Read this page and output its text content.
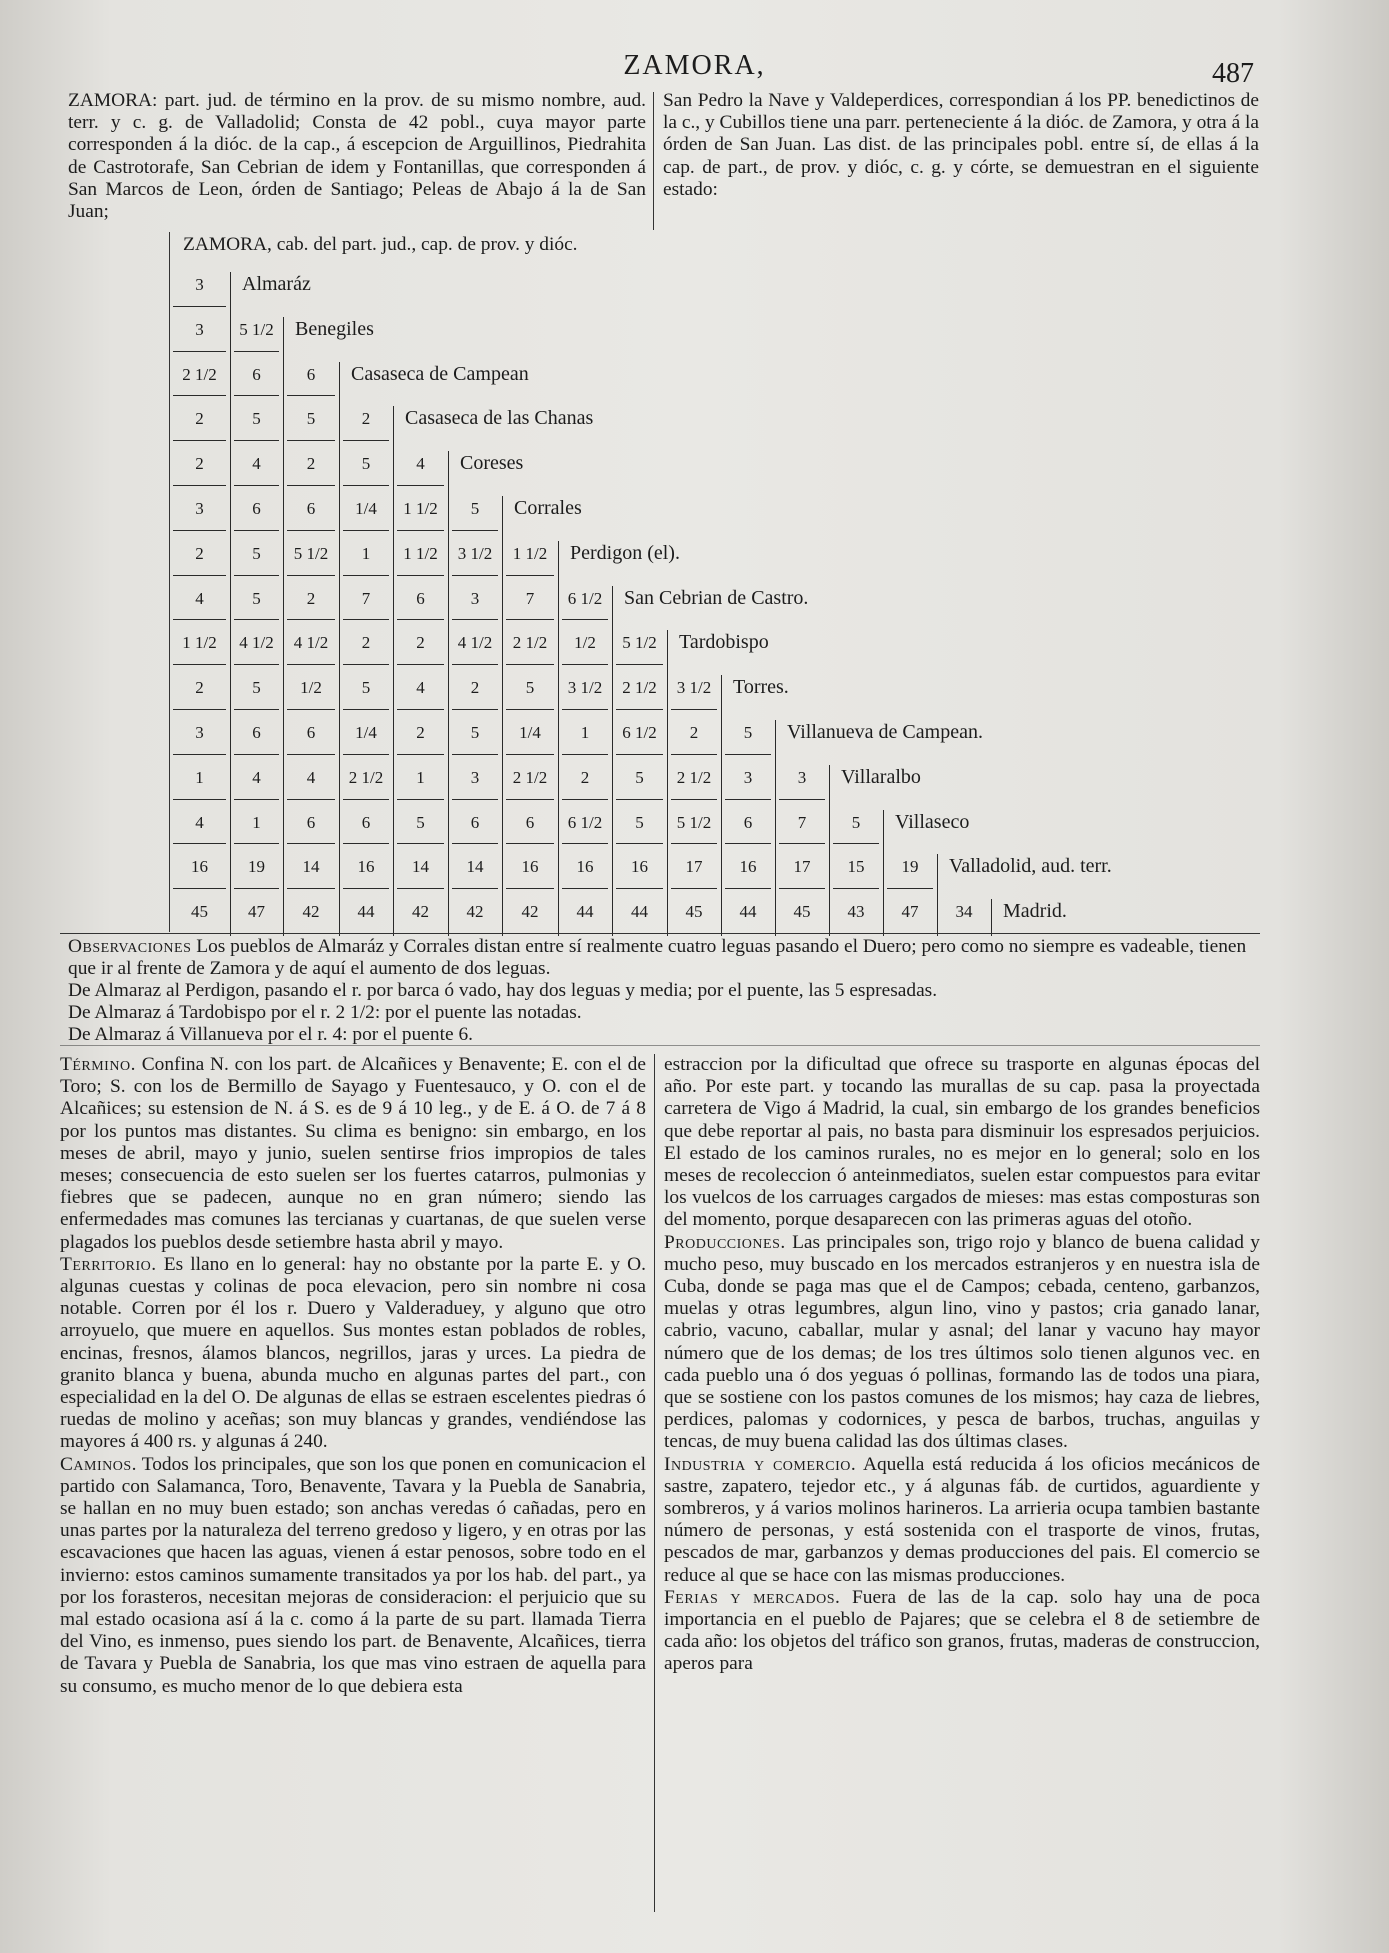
ZAMORA,	487

ZAMORA: part. jud. de término en la prov. de su mismo nombre, aud. terr. y c. g. de Valladolid; Consta de 42 pobl., cuya mayor parte corresponden á la dióc. de la cap., á escepcion de Arguillinos, Piedrahita de Castrotorafe, San Cebrian de idem y Fontanillas, que corresponden á San Marcos de Leon, órden de Santiago; Peleas de Abajo á la de San Juan;

San Pedro la Nave y Valdeperdices, correspondian á los PP. benedictinos de la c., y Cubillos tiene una parr. perteneciente á la dióc. de Zamora, y otra á la órden de San Juan. Las dist. de las principales pobl. entre sí, de ellas á la cap. de part., de prov. y dióc, c. g. y córte, se demuestran en el siguiente estado:

ZAMORA, cab. del part. jud., cap. de prov. y dióc.
3	Almaráz
3	5 1/2	Benegiles
2 1/2	6	6	Casaseca de Campean
2	5	5	2	Casaseca de las Chanas
2	4	2	5	4	Coreses
3	6	6	1/4	1 1/2	5	Corrales
2	5	5 1/2	1	1 1/2	3 1/2	1 1/2	Perdigon (el).
4	5	2	7	6	3	7	6 1/2	San Cebrian de Castro.
1 1/2	4 1/2	4 1/2	2	2	4 1/2	2 1/2	1/2	5 1/2	Tardobispo
2	5	1/2	5	4	2	5	3 1/2	2 1/2	3 1/2	Torres.
3	6	6	1/4	2	5	1/4	1	6 1/2	2	5	Villanueva de Campean.
1	4	4	2 1/2	1	3	2 1/2	2	5	2 1/2	3	3	Villaralbo
4	1	6	6	5	6	6	6 1/2	5	5 1/2	6	7	5	Villaseco
16	19	14	16	14	14	16	16	16	17	16	17	15	19	Valladolid, aud. terr.
45	47	42	44	42	42	42	44	44	45	44	45	43	47	34	Madrid.

Observaciones Los pueblos de Almaráz y Corrales distan entre sí realmente cuatro leguas pasando el Duero; pero como no siempre es vadeable, tienen que ir al frente de Zamora y de aquí el aumento de dos leguas.

De Almaraz al Perdigon, pasando el r. por barca ó vado, hay dos leguas y media; por el puente, las 5 espresadas.

De Almaraz á Tardobispo por el r. 2 1/2: por el puente las notadas.

De Almaraz á Villanueva por el r. 4: por el puente 6.

Término. Confina N. con los part. de Alcañices y Benavente; E. con el de Toro; S. con los de Bermillo de Sayago y Fuentesauco, y O. con el de Alcañices; su estension de N. á S. es de 9 á 10 leg., y de E. á O. de 7 á 8 por los puntos mas distantes. Su clima es benigno: sin embargo, en los meses de abril, mayo y junio, suelen sentirse frios impropios de tales meses; consecuencia de esto suelen ser los fuertes catarros, pulmonias y fiebres que se padecen, aunque no en gran número; siendo las enfermedades mas comunes las tercianas y cuartanas, de que suelen verse plagados los pueblos desde setiembre hasta abril y mayo.

Territorio. Es llano en lo general: hay no obstante por la parte E. y O. algunas cuestas y colinas de poca elevacion, pero sin nombre ni cosa notable. Corren por él los r. Duero y Valderaduey, y alguno que otro arroyuelo, que muere en aquellos. Sus montes estan poblados de robles, encinas, fresnos, álamos blancos, negrillos, jaras y urces. La piedra de granito blanca y buena, abunda mucho en algunas partes del part., con especialidad en la del O. De algunas de ellas se estraen escelentes piedras ó ruedas de molino y aceñas; son muy blancas y grandes, vendiéndose las mayores á 400 rs. y algunas á 240.

Caminos. Todos los principales, que son los que ponen en comunicacion el partido con Salamanca, Toro, Benavente, Tavara y la Puebla de Sanabria, se hallan en no muy buen estado; son anchas veredas ó cañadas, pero en unas partes por la naturaleza del terreno gredoso y ligero, y en otras por las escavaciones que hacen las aguas, vienen á estar penosos, sobre todo en el invierno: estos caminos sumamente transitados ya por los hab. del part., ya por los forasteros, necesitan mejoras de consideracion: el perjuicio que su mal estado ocasiona así á la c. como á la parte de su part. llamada Tierra del Vino, es inmenso, pues siendo los part. de Benavente, Alcañices, tierra de Tavara y Puebla de Sanabria, los que mas vino estraen de aquella para su consumo, es mucho menor de lo que debiera esta

estraccion por la dificultad que ofrece su trasporte en algunas épocas del año. Por este part. y tocando las murallas de su cap. pasa la proyectada carretera de Vigo á Madrid, la cual, sin embargo de los grandes beneficios que debe reportar al pais, no basta para disminuir los espresados perjuicios. El estado de los caminos rurales, no es mejor en lo general; solo en los meses de recoleccion ó anteinmediatos, suelen estar compuestos para evitar los vuelcos de los carruages cargados de mieses: mas estas composturas son del momento, porque desaparecen con las primeras aguas del otoño.

Producciones. Las principales son, trigo rojo y blanco de buena calidad y mucho peso, muy buscado en los mercados estranjeros y en nuestra isla de Cuba, donde se paga mas que el de Campos; cebada, centeno, garbanzos, muelas y otras legumbres, algun lino, vino y pastos; cria ganado lanar, cabrio, vacuno, caballar, mular y asnal; del lanar y vacuno hay mayor número que de los demas; de los tres últimos solo tienen algunos vec. en cada pueblo una ó dos yeguas ó pollinas, formando las de todos una piara, que se sostiene con los pastos comunes de los mismos; hay caza de liebres, perdices, palomas y codornices, y pesca de barbos, truchas, anguilas y tencas, de muy buena calidad las dos últimas clases.

Industria y comercio. Aquella está reducida á los oficios mecánicos de sastre, zapatero, tejedor etc., y á algunas fáb. de curtidos, aguardiente y sombreros, y á varios molinos harineros. La arrieria ocupa tambien bastante número de personas, y está sostenida con el trasporte de vinos, frutas, pescados de mar, garbanzos y demas producciones del pais. El comercio se reduce al que se hace con las mismas producciones.

Ferias y mercados. Fuera de las de la cap. solo hay una de poca importancia en el pueblo de Pajares; que se celebra el 8 de setiembre de cada año: los objetos del tráfico son granos, frutas, maderas de construccion, aperos para
